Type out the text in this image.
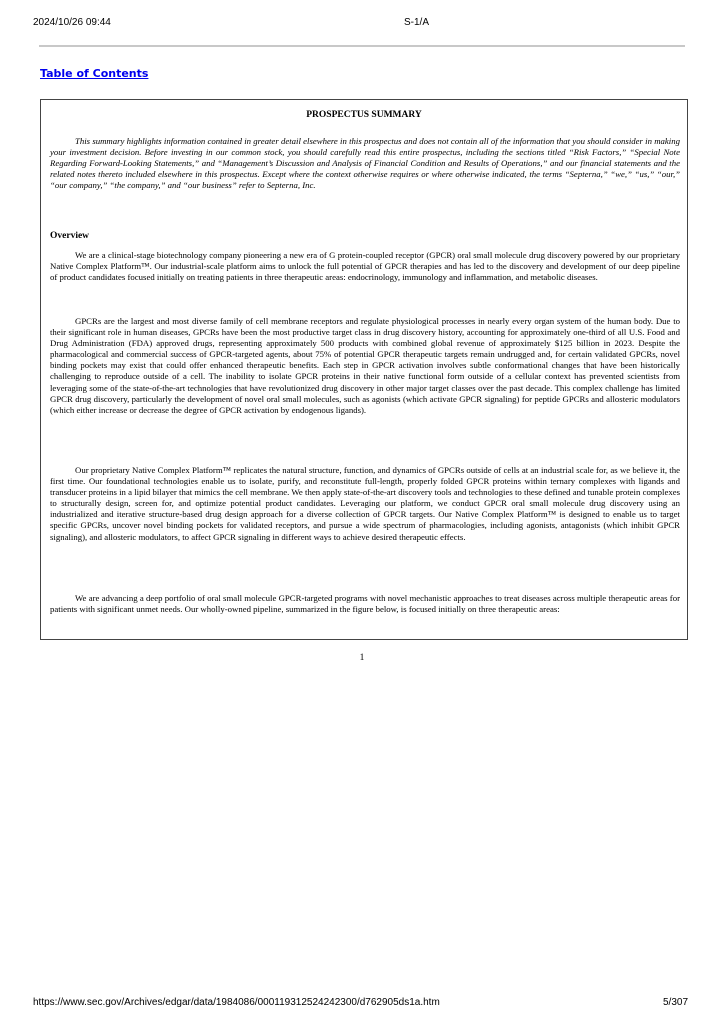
2024/10/26 09:44	S-1/A
Table of Contents
PROSPECTUS SUMMARY

This summary highlights information contained in greater detail elsewhere in this prospectus and does not contain all of the information that you should consider in making your investment decision. Before investing in our common stock, you should carefully read this entire prospectus, including the sections titled “Risk Factors,” “Special Note Regarding Forward-Looking Statements,” and “Management’s Discussion and Analysis of Financial Condition and Results of Operations,” and our financial statements and the related notes thereto included elsewhere in this prospectus. Except where the context otherwise requires or where otherwise indicated, the terms “Septerna,” “we,” “us,” “our,” “our company,” “the company,” and “our business” refer to Septerna, Inc.

Overview

We are a clinical-stage biotechnology company pioneering a new era of G protein-coupled receptor (GPCR) oral small molecule drug discovery powered by our proprietary Native Complex Platform™. Our industrial-scale platform aims to unlock the full potential of GPCR therapies and has led to the discovery and development of our deep pipeline of product candidates focused initially on treating patients in three therapeutic areas: endocrinology, immunology and inflammation, and metabolic diseases.

GPCRs are the largest and most diverse family of cell membrane receptors and regulate physiological processes in nearly every organ system of the human body. Due to their significant role in human diseases, GPCRs have been the most productive target class in drug discovery history, accounting for approximately one-third of all U.S. Food and Drug Administration (FDA) approved drugs, representing approximately 500 products with combined global revenue of approximately $125 billion in 2023. Despite the pharmacological and commercial success of GPCR-targeted agents, about 75% of potential GPCR therapeutic targets remain undrugged and, for certain validated GPCRs, novel binding pockets may exist that could offer enhanced therapeutic benefits. Each step in GPCR activation involves subtle conformational changes that have been historically challenging to reproduce outside of a cell. The inability to isolate GPCR proteins in their native functional form outside of a cellular context has prevented scientists from leveraging some of the state-of-the-art technologies that have revolutionized drug discovery in other major target classes over the past decade. This complex challenge has limited GPCR drug discovery, particularly the development of novel oral small molecules, such as agonists (which activate GPCR signaling) for peptide GPCRs and allosteric modulators (which either increase or decrease the degree of GPCR activation by endogenous ligands).

Our proprietary Native Complex Platform™ replicates the natural structure, function, and dynamics of GPCRs outside of cells at an industrial scale for, as we believe it, the first time. Our foundational technologies enable us to isolate, purify, and reconstitute full-length, properly folded GPCR proteins within ternary complexes with ligands and transducer proteins in a lipid bilayer that mimics the cell membrane. We then apply state-of-the-art discovery tools and technologies to these defined and tunable protein complexes to structurally design, screen for, and optimize potential product candidates. Leveraging our platform, we conduct GPCR oral small molecule drug discovery using an industrialized and iterative structure-based drug design approach for a diverse collection of GPCR targets. Our Native Complex Platform™ is designed to enable us to target specific GPCRs, uncover novel binding pockets for validated receptors, and pursue a wide spectrum of pharmacologies, including agonists, antagonists (which inhibit GPCR signaling), and allosteric modulators, to affect GPCR signaling in different ways to achieve desired therapeutic effects.

We are advancing a deep portfolio of oral small molecule GPCR-targeted programs with novel mechanistic approaches to treat diseases across multiple therapeutic areas for patients with significant unmet needs. Our wholly-owned pipeline, summarized in the figure below, is focused initially on three therapeutic areas:

1
https://www.sec.gov/Archives/edgar/data/1984086/000119312524242300/d762905ds1a.htm	5/307
